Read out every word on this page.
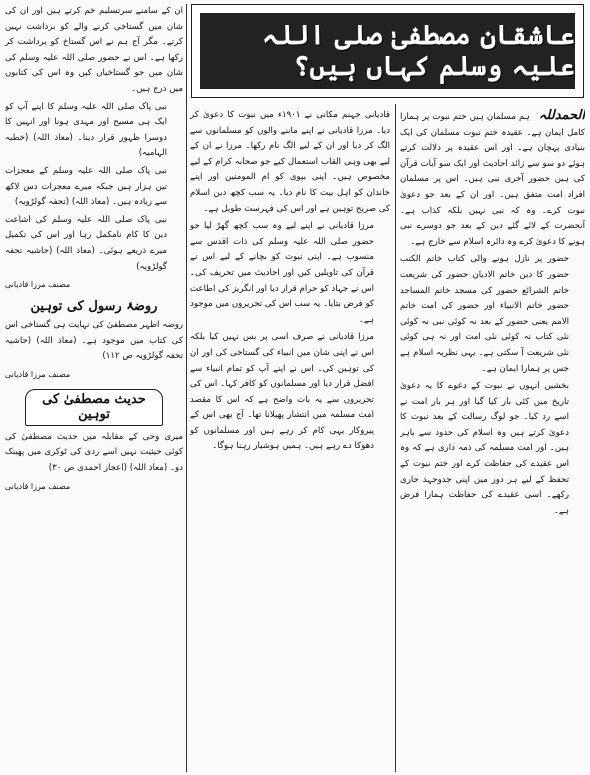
عاشقانِ مصطفیٰ صلی اللہ علیہ وسلم کہاں ہیں؟

الحمدللہ ہم مسلمان ہیں ختم نبوت پر ہمارا کامل ایمان ہے۔ عقیدہ ختم نبوت مسلمان کی ایک بنیادی پہچان ہے۔ اور اس عقیدہ پر دلالت کرتے ہوئے دو سو سے زائد احادیث اور ایک سو آیات قرآن کی ہیں حضور آخری نبی ہیں۔ اس پر مسلمان افراد امت متفق ہیں۔ اور ان کے بعد جو دعویٰ نبوت کرے۔ وہ کہ نبی نہیں بلکہ کذاب ہے۔ آنحضرت کے لائے گئے دین کے بعد جو دوسرے نبی ہونے کا دعویٰ کرے وہ دائرہ اسلام سے خارج ہے۔

حضور پر نازل ہونے والی کتاب خاتم الکتب حضور کا دین خاتم الادیان حضور کی شریعت خاتم الشرائع حضور کی مسجد خاتم المساجد حضور خاتم الانبیاء اور حضور کی امت خاتم الامم یعنی حضور کے بعد نہ کوئی نبی نہ کوئی نئی کتاب نہ کوئی نئی امت اور نہ ہی کوئی نئی شریعت آ سکتی ہے۔ یہی نظریہ اسلام ہے جس پر ہمارا ایمان ہے۔

بخشیں انہوں نے نبوت کے دعوے کا یہ دعویٰ تاریخ میں کئی بار کیا گیا اور ہر بار امت نے اسے رد کیا۔ جو لوگ رسالت کے بعد نبوت کا دعویٰ کرتے ہیں وہ اسلام کی حدود سے باہر ہیں۔ اور امت مسلمہ کی ذمہ داری ہے کہ وہ اس عقیدے کی حفاظت کرے اور ختم نبوت کے تحفظ کے لیے ہر دور میں اپنی جدوجہد جاری رکھے۔ اسی عقیدے کی حفاظت ہمارا فرض ہے۔

قادیانی جہنم مکانی نے ۱۹۰۱ء میں نبوت کا دعویٰ کر دیا۔ مرزا قادیانی نے اپنے ماننے والوں کو مسلمانوں سے الگ کر دیا اور ان کے لیے الگ نام رکھا۔ مرزا نے ان کے لیے بھی وہی القاب استعمال کیے جو صحابہ کرام کے لیے مخصوص ہیں۔ اپنی بیوی کو ام المومنین اور اپنے خاندان کو اہل بیت کا نام دیا۔ یہ سب کچھ دین اسلام کی صریح توہین ہے اور اس کی فہرست طویل ہے۔

مرزا قادیانی نے اپنے لیے وہ سب کچھ گھڑ لیا جو حضور صلی اللہ علیہ وسلم کی ذات اقدس سے منسوب ہے۔ اپنی نبوت کو بچانے کے لیے اس نے قرآن کی تاویلیں کیں اور احادیث میں تحریف کی۔ اس نے جہاد کو حرام قرار دیا اور انگریز کی اطاعت کو فرض بتایا۔ یہ سب اس کی تحریروں میں موجود ہے۔

مرزا قادیانی نے صرف اسی پر بس نہیں کیا بلکہ اس نے اپنی شان میں انبیاء کی گستاخی کی اور ان کی توہین کی۔ اس نے اپنے آپ کو تمام انبیاء سے افضل قرار دیا اور مسلمانوں کو کافر کہا۔ اس کی تحریروں سے یہ بات واضح ہے کہ اس کا مقصد امت مسلمہ میں انتشار پھیلانا تھا۔ آج بھی اس کے پیروکار یہی کام کر رہے ہیں اور مسلمانوں کو دھوکا دے رہے ہیں۔ ہمیں ہوشیار رہنا ہوگا۔

ان کے سامنے سرتسلیم خم کرتے ہیں اور ان کی شان میں گستاخی کرنے والے کو برداشت نہیں کرتے۔ مگر آج ہم نے اس گستاخ کو برداشت کر رکھا ہے۔ اس نے حضور صلی اللہ علیہ وسلم کی شان میں جو گستاخیاں کیں وہ اس کی کتابوں میں درج ہیں۔

نبی پاک صلی اللہ علیہ وسلم کا اپنے آپ کو ایک ہی مسیح اور مہدی ہونا اور انہیں کا دوسرا ظہور قرار دینا۔ (معاذ اللہ) (خطبہ الہامیہ)

نبی پاک صلی اللہ علیہ وسلم کے معجزات تین ہزار ہیں جبکہ میرے معجزات دس لاکھ سے زیادہ ہیں۔ (معاذ اللہ) (تحفہ گولڑویہ)

نبی پاک صلی اللہ علیہ وسلم کی اشاعت دین کا کام نامکمل رہا اور اس کی تکمیل میرے ذریعے ہوئی۔ (معاذ اللہ) (حاشیہ تحفہ گولڑویہ)

مصنف مرزا قادیانی

روضۂ رسول کی توہین

روضہ اطہر مصطفیٰ کی نہایت ہی گستاخی اس کی کتاب میں موجود ہے۔ (معاذ اللہ) (حاشیہ تحفہ گولڑویہ ص ۱۱۲)

مصنف مرزا قادیانی

حدیث مصطفیٰ کی توہین

میری وحی کے مقابلہ میں حدیث مصطفیٰ کی کوئی حیثیت نہیں اسے ردی کی ٹوکری میں پھینک دو۔ (معاذ اللہ) (اعجاز احمدی ص ۳۰)

مصنف مرزا قادیانی
